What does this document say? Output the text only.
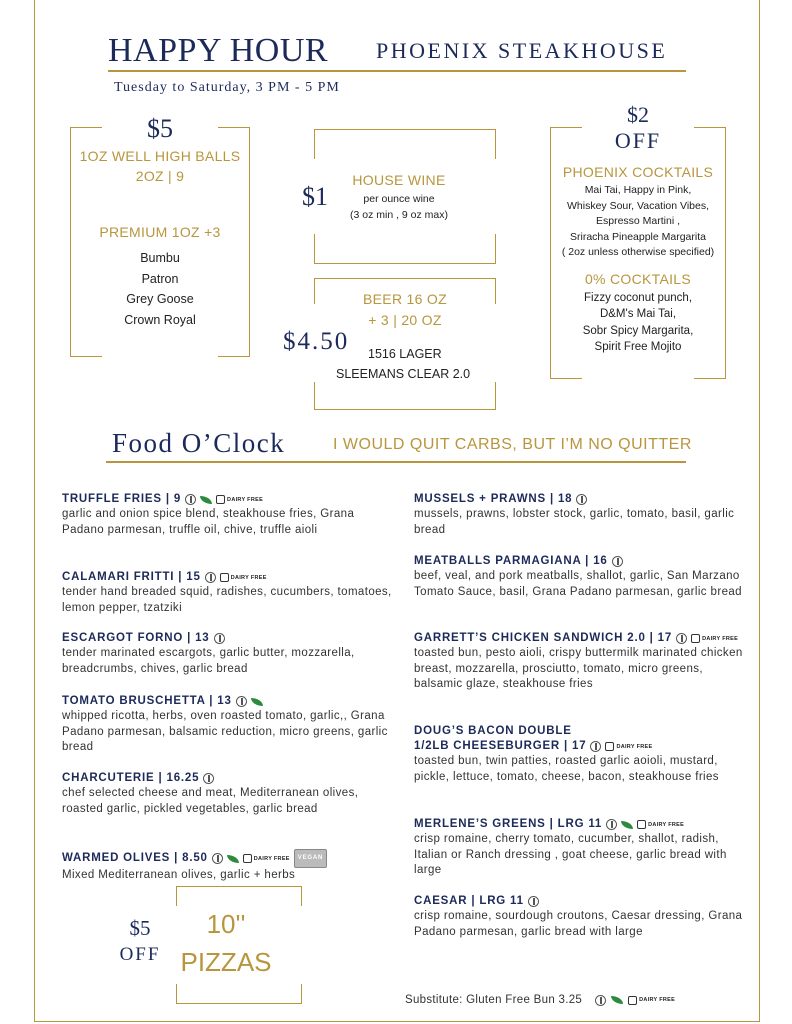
HAPPY HOUR PHOENIX STEAKHOUSE
Tuesday to Saturday, 3 PM - 5 PM
$5
1OZ WELL HIGH BALLS
2OZ | 9
PREMIUM 1OZ +3
Bumbu
Patron
Grey Goose
Crown Royal
$1
HOUSE WINE
per ounce wine
(3 oz min , 9 oz max)
BEER 16 OZ
+ 3 | 20 OZ
$4.50 1516 LAGER
SLEEMANS CLEAR 2.0
$2
OFF
PHOENIX COCKTAILS
Mai Tai, Happy in Pink,
Whiskey Sour, Vacation Vibes,
Espresso Martini ,
Sriracha Pineapple Margarita
( 2oz unless otherwise specified)
0% COCKTAILS
Fizzy coconut punch,
D&M's Mai Tai,
Sobr Spicy Margarita,
Spirit Free Mojito
Food O’Clock	I WOULD QUIT CARBS, BUT I’M NO QUITTER
TRUFFLE FRIES | 9	DAIRY FREE
garlic and onion spice blend, steakhouse fries, Grana Padano parmesan, truffle oil, chive, truffle aioli
CALAMARI FRITTI | 15	DAIRY FREE
tender hand breaded squid, radishes, cucumbers, tomatoes, lemon pepper, tzatziki
ESCARGOT FORNO | 13
tender marinated escargots, garlic butter, mozzarella, breadcrumbs, chives, garlic bread
TOMATO BRUSCHETTA | 13
whipped ricotta, herbs, oven roasted tomato, garlic,, Grana Padano parmesan, balsamic reduction, micro greens, garlic bread
CHARCUTERIE | 16.25
chef selected cheese and meat, Mediterranean olives, roasted garlic, pickled vegetables, garlic bread
WARMED OLIVES | 8.50	DAIRY FREE	VEGAN
Mixed Mediterranean olives, garlic + herbs
$5
OFF
10''
PIZZAS
MUSSELS + PRAWNS | 18
mussels, prawns, lobster stock, garlic, tomato, basil, garlic bread
MEATBALLS PARMAGIANA | 16
beef, veal, and pork meatballs, shallot, garlic, San Marzano Tomato Sauce, basil, Grana Padano parmesan, garlic bread
GARRETT’S CHICKEN SANDWICH 2.0 | 17	DAIRY FREE
toasted bun, pesto aioli, crispy buttermilk marinated chicken breast, mozzarella, prosciutto, tomato, micro greens, balsamic glaze, steakhouse fries
DOUG’S BACON DOUBLE
1/2LB CHEESEBURGER | 17	DAIRY FREE
toasted bun, twin patties, roasted garlic aoioli, mustard, pickle, lettuce, tomato, cheese, bacon, steakhouse fries
MERLENE’S GREENS | LRG 11	DAIRY FREE
crisp romaine, cherry tomato, cucumber, shallot, radish, Italian or Ranch dressing , goat cheese, garlic bread with large
CAESAR | LRG 11
crisp romaine, sourdough croutons, Caesar dressing, Grana Padano parmesan, garlic bread with large
Substitute: Gluten Free Bun 3.25	DAIRY FREE
